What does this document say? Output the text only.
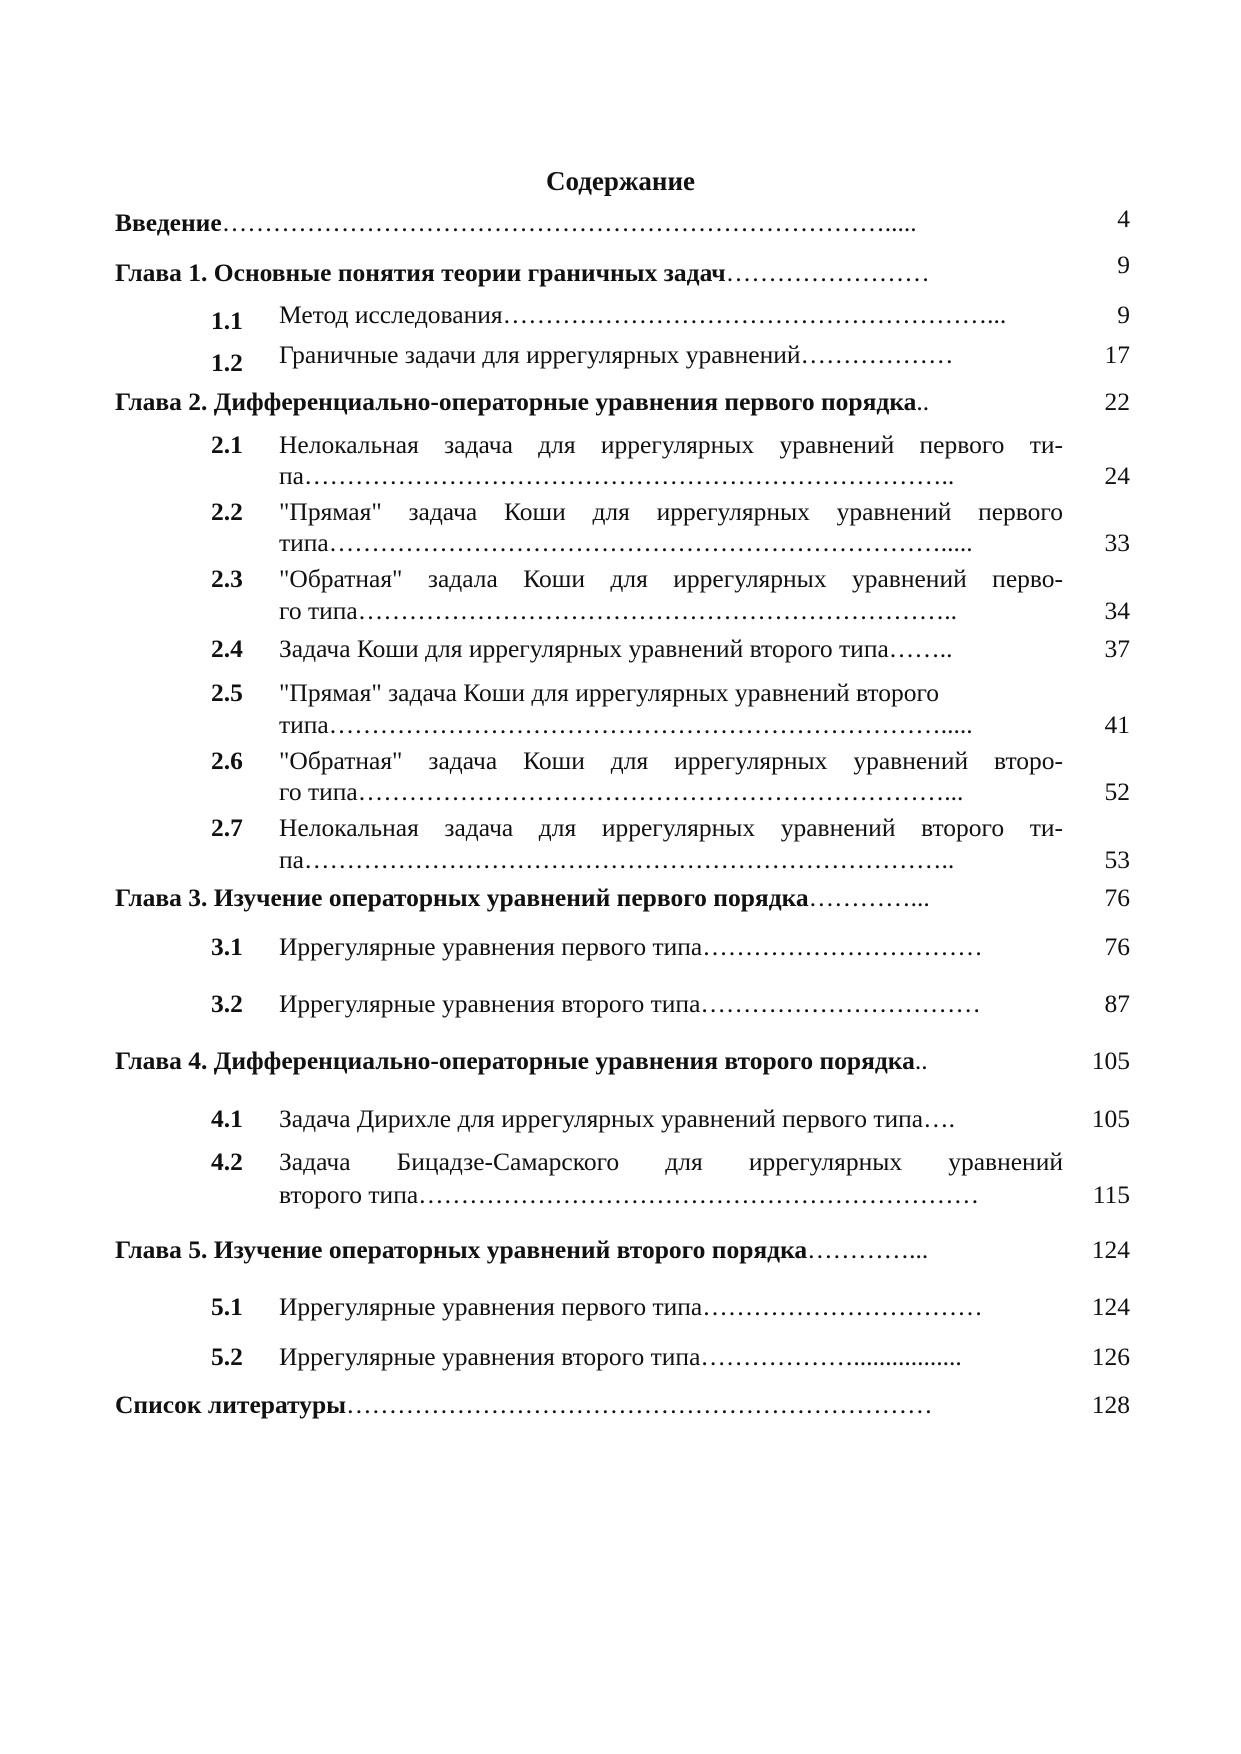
Содержание
Введение…………………………………………………………………….....	4
Глава 1. Основные понятия теории граничных задач……………………	9
1.1 Метод исследования…………………………………………………...	9
1.2 Граничные задачи для иррегулярных уравнений………………	17
Глава 2. Дифференциально-операторные уравнения первого порядка..	22
2.1 Нелокальная задача для иррегулярных уравнений первого ти-
па…………………………………………………………………..	24
2.2 "Прямая" задача Коши для иррегулярных уравнений первого
типа……………………………………………………………….....	33
2.3 "Обратная" задала Коши для иррегулярных уравнений перво-
го типа……………………………………………………………..	34
2.4 Задача Коши для иррегулярных уравнений второго типа……..	37
2.5 "Прямая" задача Коши для иррегулярных уравнений второго
типа……………………………………………………………….....	41
2.6 "Обратная" задача Коши для иррегулярных уравнений второ-
го типа……………………………………………………………...	52
2.7 Нелокальная задача для иррегулярных уравнений второго ти-
па…………………………………………………………………..	53
Глава 3. Изучение операторных уравнений первого порядка…………...	76
3.1 Иррегулярные уравнения первого типа……………………………	76
3.2 Иррегулярные уравнения второго типа……………………………	87
Глава 4. Дифференциально-операторные уравнения второго порядка..	105
4.1 Задача Дирихле для иррегулярных уравнений первого типа….	105
4.2 Задача Бицадзе-Самарского для иррегулярных уравнений
второго типа…………………………………………………………	115
Глава 5. Изучение операторных уравнений второго порядка…………...	124
5.1 Иррегулярные уравнения первого типа……………………………	124
5.2 Иррегулярные уравнения второго типа……………….................	126
Список литературы……………………………………………………………	128
